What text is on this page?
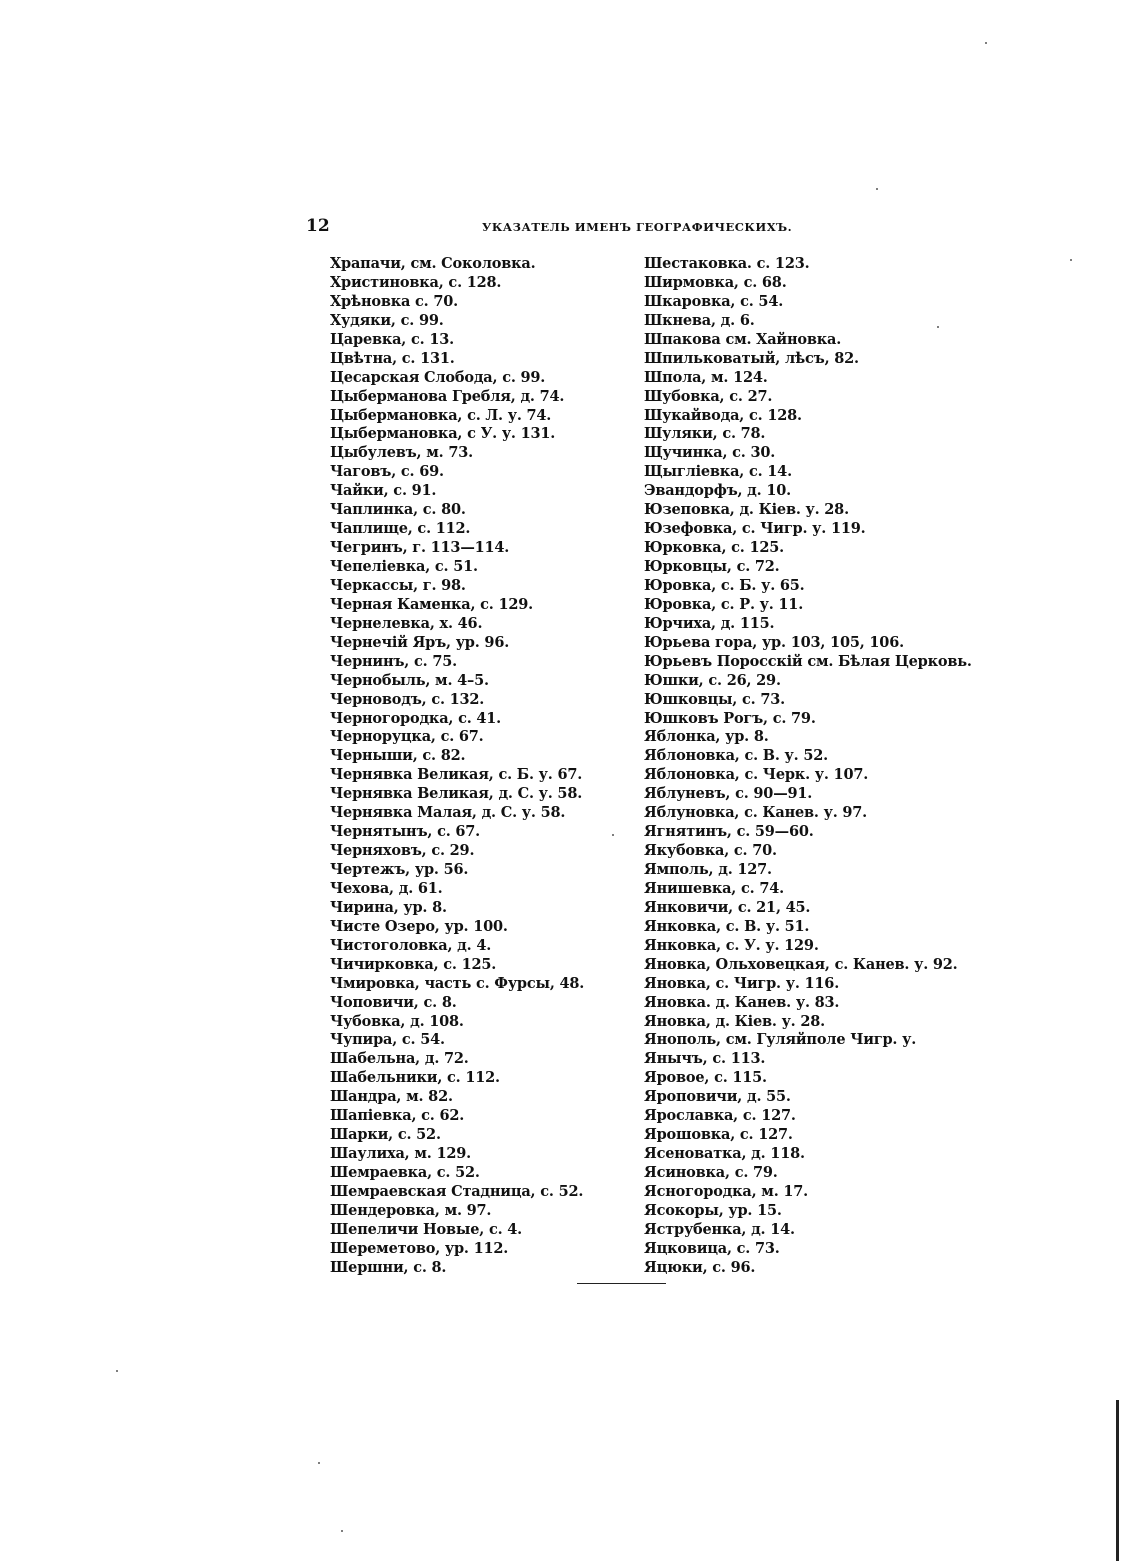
12	УКАЗАТЕЛЬ ИМЕНЪ ГЕОГРАФИЧЕСКИХЪ.
Храпачи, см. Соколовка.
Христиновка, с. 128.
Хрѣновка с. 70.
Худяки, с. 99.
Царевка, с. 13.
Цвѣтна, с. 131.
Цесарская Слобода, с. 99.
Цыбермановa Гребля, д. 74.
Цыбермановка, с. Л. у. 74.
Цыбермановка, с У. у. 131.
Цыбулевъ, м. 73.
Чаговъ, с. 69.
Чайки, с. 91.
Чаплинка, с. 80.
Чаплище, с. 112.
Чегринъ, г. 113—114.
Чепеліевка, с. 51.
Черкассы, г. 98.
Черная Каменка, с. 129.
Чернелевка, х. 46.
Чернечій Яръ, ур. 96.
Чернинъ, с. 75.
Чернобыль, м. 4–5.
Черноводъ, с. 132.
Черногородка, с. 41.
Черноруцка, с. 67.
Черныши, с. 82.
Чернявка Великая, с. Б. у. 67.
Чернявка Великая, д. С. у. 58.
Чернявка Малая, д. С. у. 58.
Чернятынъ, с. 67.
Черняховъ, с. 29.
Чертежъ, ур. 56.
Чехова, д. 61.
Чирина, ур. 8.
Чисте Озеро, ур. 100.
Чистоголовка, д. 4.
Чичирковка, с. 125.
Чмировка, часть с. Фурсы, 48.
Чоповичи, с. 8.
Чубовка, д. 108.
Чупира, с. 54.
Шабельна, д. 72.
Шабельники, с. 112.
Шандра, м. 82.
Шапіевка, с. 62.
Шарки, с. 52.
Шаулиха, м. 129.
Шемраевка, с. 52.
Шемраевская Стадница, с. 52.
Шендеровка, м. 97.
Шепеличи Новые, с. 4.
Шереметово, ур. 112.
Шершни, с. 8.
Шестаковка. с. 123.
Ширмовка, с. 68.
Шкаровка, с. 54.
Шкнева, д. 6.
Шпакова см. Хайновка.
Шпильковатый, лѣсъ, 82.
Шпола, м. 124.
Шубовка, с. 27.
Шукайвода, с. 128.
Шуляки, с. 78.
Щучинка, с. 30.
Щыгліевка, с. 14.
Эвандорфъ, д. 10.
Юзеповка, д. Кіев. у. 28.
Юзефовка, с. Чигр. у. 119.
Юрковка, с. 125.
Юрковцы, с. 72.
Юровка, с. Б. у. 65.
Юровка, с. Р. у. 11.
Юрчиха, д. 115.
Юрьева гора, ур. 103, 105, 106.
Юрьевъ Поросскій см. Бѣлая Церковь.
Юшки, с. 26, 29.
Юшковцы, с. 73.
Юшковъ Рогъ, с. 79.
Яблонка, ур. 8.
Яблоновка, с. В. у. 52.
Яблоновка, с. Черк. у. 107.
Яблуневъ, с. 90—91.
Яблуновка, с. Канев. у. 97.
Ягнятинъ, с. 59—60.
Якубовка, с. 70.
Ямполь, д. 127.
Янишевка, с. 74.
Янковичи, с. 21, 45.
Янковка, с. В. у. 51.
Янковка, с. У. у. 129.
Яновка, Ольховецкая, с. Канев. у. 92.
Яновка, с. Чигр. у. 116.
Яновка. д. Канев. у. 83.
Яновка, д. Кіев. у. 28.
Янополь, см. Гуляйполе Чигр. у.
Янычъ, с. 113.
Яровое, с. 115.
Яроповичи, д. 55.
Ярославка, с. 127.
Ярошовка, с. 127.
Ясеноватка, д. 118.
Ясиновка, с. 79.
Ясногородка, м. 17.
Ясокоры, ур. 15.
Яструбенка, д. 14.
Яцковица, с. 73.
Яцюки, с. 96.
